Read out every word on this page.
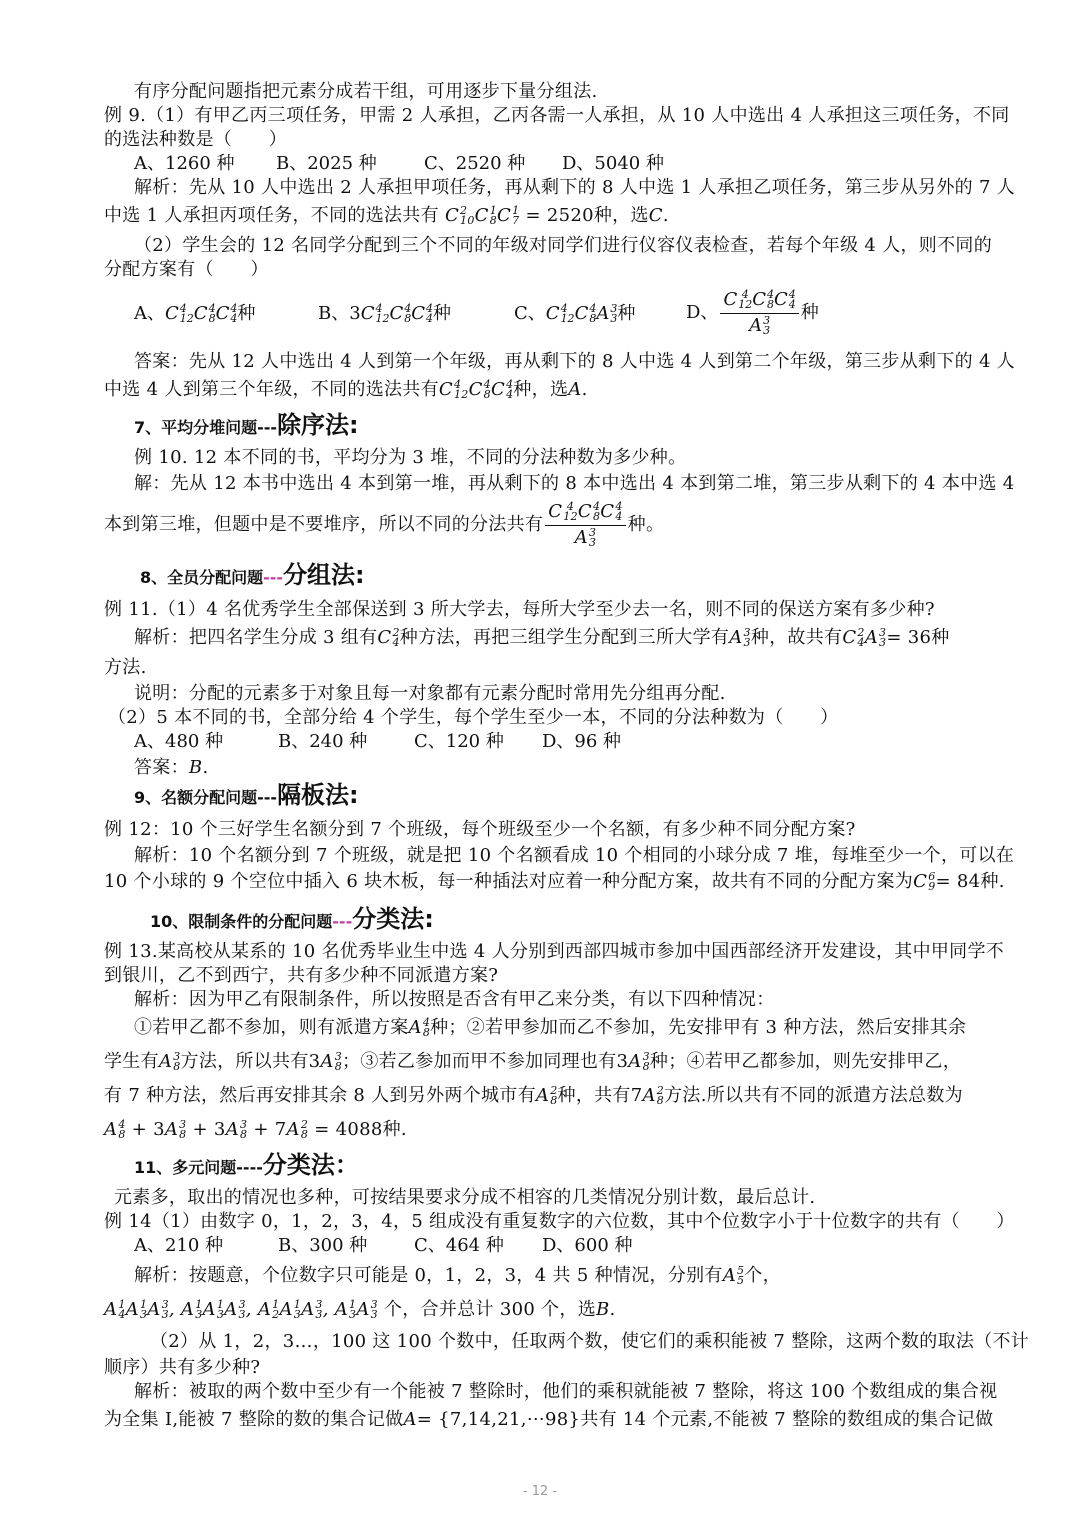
有序分配问题指把元素分成若干组，可用逐步下量分组法.
例 9.（1）有甲乙丙三项任务，甲需 2 人承担，乙丙各需一人承担，从 10 人中选出 4 人承担这三项任务，不同
的选法种数是（　　）
A、1260 种 B、2025 种	C、2520 种 D、5040 种
解析：先从 10 人中选出 2 人承担甲项任务，再从剩下的 8 人中选 1 人承担乙项任务，第三步从另外的 7 人
中选 1 人承担丙项任务，不同的选法共有 C 2
10 C 1
8 C 1
7 = 2520种，选C.
（2）学生会的 12 名同学分配到三个不同的年级对同学们进行仪容仪表检查，若每个年级 4 人，则不同的
分配方案有（　　）
A、C 4
12 C 4
8 C 4
4 种	B、3C 4
12 C 4
8 C 4
4 种	C、C 4
12 C 4
8 A 3
3 种	D、 C 4
12 C 4
8 C 4
4
A 3
3 种
答案：先从 12 人中选出 4 人到第一个年级，再从剩下的 8 人中选 4 人到第二个年级，第三步从剩下的 4 人
中选 4 人到第三个年级，不同的选法共有C 4
12 C 4
8 C 4
4 种，选A.
7、平均分堆问题---除序法:
例 10. 12 本不同的书，平均分为 3 堆，不同的分法种数为多少种。
解：先从 12 本书中选出 4 本到第一堆，再从剩下的 8 本中选出 4 本到第二堆，第三步从剩下的 4 本中选 4
本到第三堆，但题中是不要堆序，所以不同的分法共有 C 4
12 C 4
8 C 4
4
A 3
3 种。
8、全员分配问题---分组法:
例 11.（1）4 名优秀学生全部保送到 3 所大学去，每所大学至少去一名，则不同的保送方案有多少种?
解析：把四名学生分成 3 组有C 2
4 种方法，再把三组学生分配到三所大学有A 3
3 种，故共有C 2
4 A 3
3 = 36种
方法.
说明：分配的元素多于对象且每一对象都有元素分配时常用先分组再分配.
（2）5 本不同的书，全部分给 4 个学生，每个学生至少一本，不同的分法种数为（　　）
A、480 种	B、240 种	C、120 种 D、96 种
答案：B.
9、名额分配问题---隔板法:
例 12：10 个三好学生名额分到 7 个班级，每个班级至少一个名额，有多少种不同分配方案?
解析：10 个名额分到 7 个班级，就是把 10 个名额看成 10 个相同的小球分成 7 堆，每堆至少一个，可以在
10 个小球的 9 个空位中插入 6 块木板，每一种插法对应着一种分配方案，故共有不同的分配方案为C 6
9 = 84种.
10、限制条件的分配问题---分类法:
例 13.某高校从某系的 10 名优秀毕业生中选 4 人分别到西部四城市参加中国西部经济开发建设，其中甲同学不
到银川，乙不到西宁，共有多少种不同派遣方案?
解析：因为甲乙有限制条件，所以按照是否含有甲乙来分类，有以下四种情况：
①若甲乙都不参加，则有派遣方案A 4
8 种；②若甲参加而乙不参加，先安排甲有 3 种方法，然后安排其余
学生有A 3
8 方法，所以共有3A 3
8 ；③若乙参加而甲不参加同理也有3A 3
8 种；④若甲乙都参加，则先安排甲乙，
有 7 种方法，然后再安排其余 8 人到另外两个城市有A 2
8 种，共有7A 2
8 方法.所以共有不同的派遣方法总数为
A 4
8 + 3A 3
8 + 3A 3
8 + 7A 2
8 = 4088种.
11、多元问题----分类法：
元素多，取出的情况也多种，可按结果要求分成不相容的几类情况分别计数，最后总计.
例 14（1）由数字 0，1，2，3，4，5 组成没有重复数字的六位数，其中个位数字小于十位数字的共有（　　）
A、210 种	B、300 种	C、464 种 D、600 种
解析：按题意，个位数字只可能是 0，1，2，3，4 共 5 种情况，分别有A 5
5 个，
A 1
4 A 1
3 A 3
3 , A 1
3 A 1
3 A 3
3 , A 1
2 A 1
3 A 3
3 , A 1
3 A 3
3 个，合并总计 300 个，选B.
（2）从 1，2，3…，100 这 100 个数中，任取两个数，使它们的乘积能被 7 整除，这两个数的取法（不计
顺序）共有多少种?
解析：被取的两个数中至少有一个能被 7 整除时，他们的乘积就能被 7 整除，将这 100 个数组成的集合视
为全集 I,能被 7 整除的数的集合记做A= {7,14,21,⋯98}共有 14 个元素,不能被 7 整除的数组成的集合记做
- 12 -
